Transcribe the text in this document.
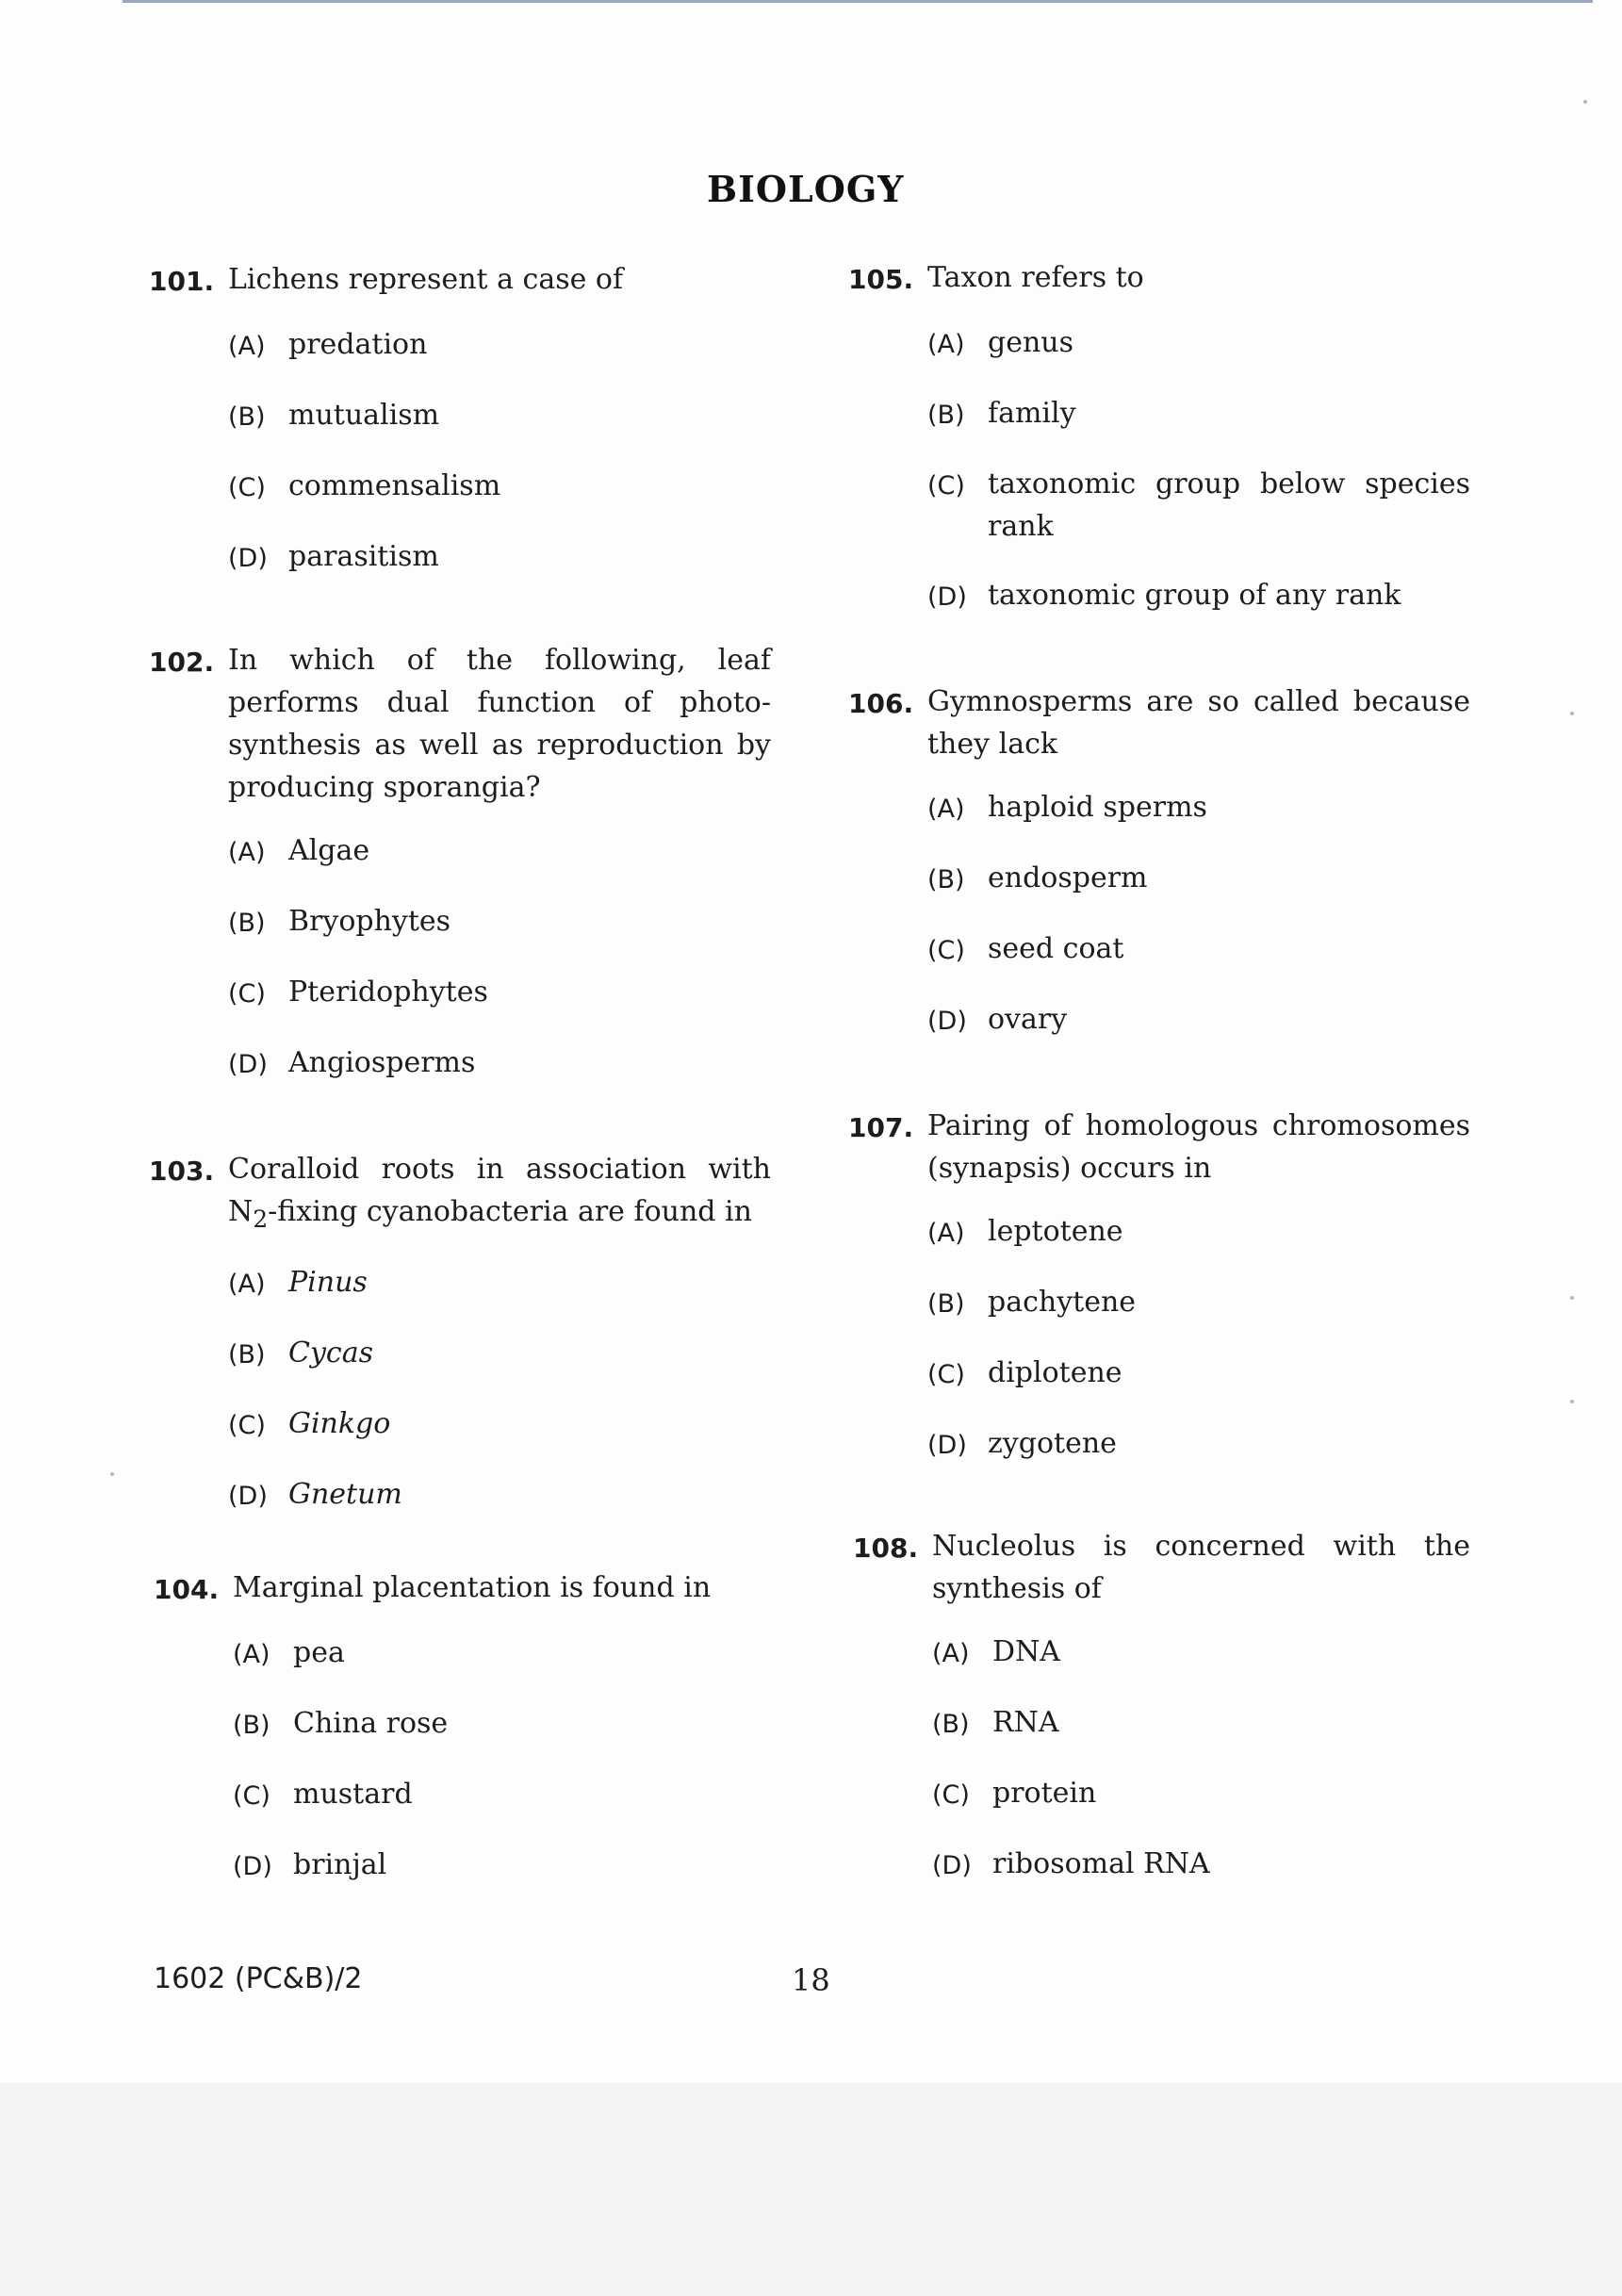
BIOLOGY
101. Lichens represent a case of
(A) predation
(B) mutualism
(C) commensalism
(D) parasitism
102. In which of the following, leaf performs dual function of photo-synthesis as well as reproduction by producing sporangia?
(A) Algae
(B) Bryophytes
(C) Pteridophytes
(D) Angiosperms
103. Coralloid roots in association with $N_2$-fixing cyanobacteria are found in
(A) Pinus
(B) Cycas
(C) Ginkgo
(D) Gnetum
104. Marginal placentation is found in
(A) pea
(B) China rose
(C) mustard
(D) brinjal
105. Taxon refers to
(A) genus
(B) family
(C) taxonomic group below species rank
(D) taxonomic group of any rank
106. Gymnosperms are so called because they lack
(A) haploid sperms
(B) endosperm
(C) seed coat
(D) ovary
107. Pairing of homologous chromosomes (synapsis) occurs in
(A) leptotene
(B) pachytene
(C) diplotene
(D) zygotene
108. Nucleolus is concerned with the synthesis of
(A) DNA
(B) RNA
(C) protein
(D) ribosomal RNA
1602 (PC&B)/2	18
